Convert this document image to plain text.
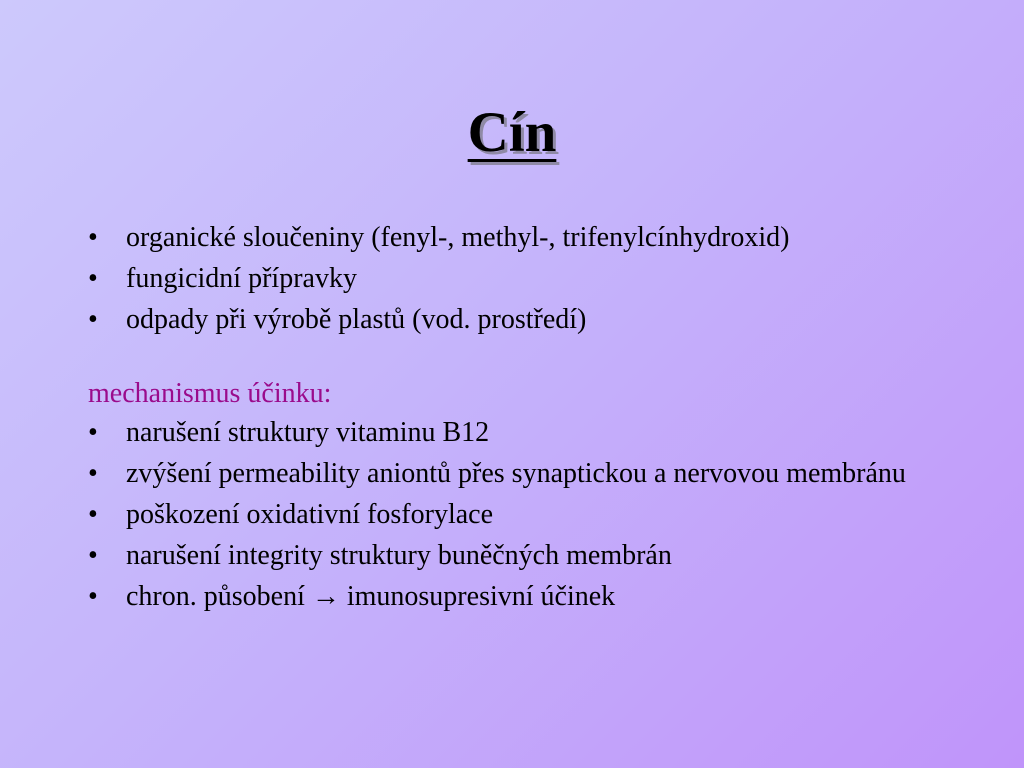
Cín
•	organické sloučeniny (fenyl-, methyl-, trifenylcínhydroxid)
•	fungicidní přípravky
•	odpady při výrobě plastů (vod. prostředí)
mechanismus účinku:
•	narušení struktury vitaminu B12
•	zvýšení permeability aniontů přes synaptickou a nervovou membránu
•	poškození oxidativní fosforylace
•	narušení integrity struktury buněčných membrán
•	chron. působení → imunosupresivní účinek
